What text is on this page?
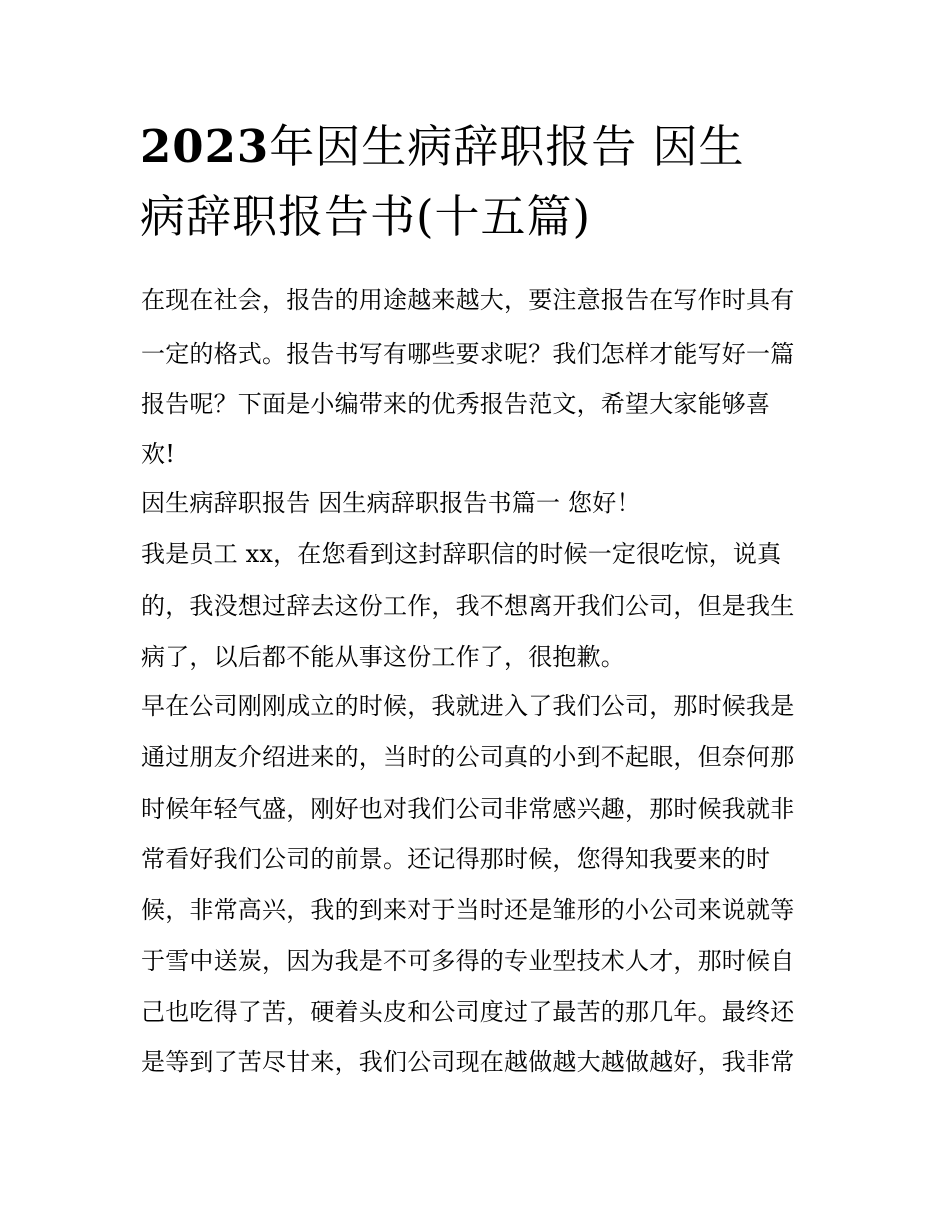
2023年因生病辞职报告 因生
病辞职报告书(十五篇)

在现在社会，报告的用途越来越大，要注意报告在写作时具有

一定的格式。报告书写有哪些要求呢？我们怎样才能写好一篇

报告呢？下面是小编带来的优秀报告范文，希望大家能够喜

欢!

因生病辞职报告 因生病辞职报告书篇一 您好！

我是员工 xx，在您看到这封辞职信的时候一定很吃惊，说真

的，我没想过辞去这份工作，我不想离开我们公司，但是我生

病了，以后都不能从事这份工作了，很抱歉。

早在公司刚刚成立的时候，我就进入了我们公司，那时候我是

通过朋友介绍进来的，当时的公司真的小到不起眼，但奈何那

时候年轻气盛，刚好也对我们公司非常感兴趣，那时候我就非

常看好我们公司的前景。还记得那时候，您得知我要来的时

候，非常高兴，我的到来对于当时还是雏形的小公司来说就等

于雪中送炭，因为我是不可多得的专业型技术人才，那时候自

己也吃得了苦，硬着头皮和公司度过了最苦的那几年。最终还

是等到了苦尽甘来，我们公司现在越做越大越做越好，我非常
